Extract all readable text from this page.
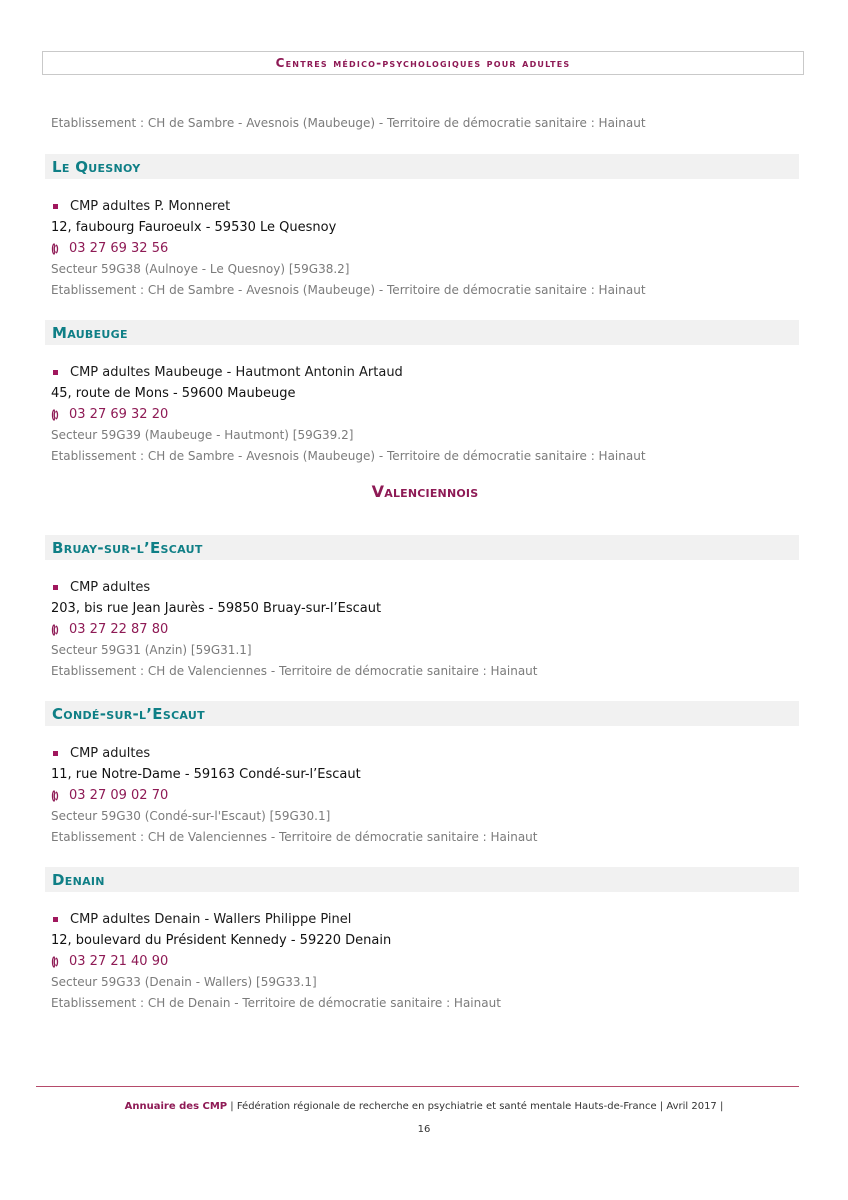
Centres médico-psychologiques pour adultes
Etablissement : CH de Sambre - Avesnois (Maubeuge) - Territoire de démocratie sanitaire : Hainaut
Le Quesnoy
CMP adultes P. Monneret
12, faubourg Fauroeulx - 59530 Le Quesnoy
03 27 69 32 56
Secteur 59G38 (Aulnoye - Le Quesnoy) [59G38.2]
Etablissement : CH de Sambre - Avesnois (Maubeuge) - Territoire de démocratie sanitaire : Hainaut
Maubeuge
CMP adultes Maubeuge - Hautmont Antonin Artaud
45, route de Mons - 59600 Maubeuge
03 27 69 32 20
Secteur 59G39 (Maubeuge - Hautmont) [59G39.2]
Etablissement : CH de Sambre - Avesnois (Maubeuge) - Territoire de démocratie sanitaire : Hainaut
Valenciennois
Bruay-sur-l’Escaut
CMP adultes
203, bis rue Jean Jaurès - 59850 Bruay-sur-l’Escaut
03 27 22 87 80
Secteur 59G31 (Anzin) [59G31.1]
Etablissement : CH de Valenciennes - Territoire de démocratie sanitaire : Hainaut
Condé-sur-l’Escaut
CMP adultes
11, rue Notre-Dame - 59163 Condé-sur-l’Escaut
03 27 09 02 70
Secteur 59G30 (Condé-sur-l'Escaut) [59G30.1]
Etablissement : CH de Valenciennes - Territoire de démocratie sanitaire : Hainaut
Denain
CMP adultes Denain - Wallers Philippe Pinel
12, boulevard du Président Kennedy - 59220 Denain
03 27 21 40 90
Secteur 59G33 (Denain - Wallers) [59G33.1]
Etablissement : CH de Denain - Territoire de démocratie sanitaire : Hainaut
Annuaire des CMP | Fédération régionale de recherche en psychiatrie et santé mentale Hauts-de-France | Avril 2017 |
16
